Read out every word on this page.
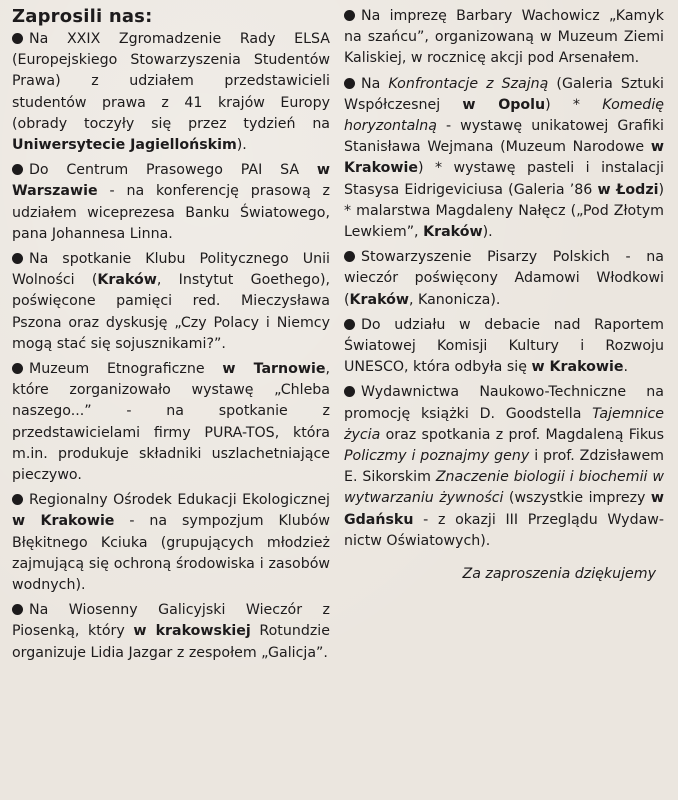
Zaprosili nas:

Na XXIX Zgromadzenie Rady ELSA (Europejskiego Stowarzyszenia Studentów Prawa) z udziałem przedstawicieli studentów prawa z 41 krajów Europy (obrady toczyły się przez tydzień na Uniwersytecie Jagiellońskim).

Do Centrum Prasowego PAI SA w Warszawie - na konferencję prasową z udziałem wiceprezesa Banku Światowego, pana Johannesa Linna.

Na spotkanie Klubu Politycznego Unii Wolności (Kraków, Instytut Goethego), poświęcone pamięci red. Mieczysława Pszona oraz dyskusję „Czy Polacy i Niemcy mogą stać się sojusznikami?”.

Muzeum Etnograficzne w Tarnowie, które zorganizowało wystawę „Chleba naszego...” - na spotkanie z przedstawicielami firmy PURA-TOS, która m.in. produkuje składniki uszlachetniające pieczywo.

Regionalny Ośrodek Edukacji Ekologicznej w Krakowie - na sympozjum Klubów Błękitnego Kciuka (grupujących młodzież zajmującą się ochroną środowiska i zasobów wodnych).

Na Wiosenny Galicyjski Wieczór z Piosenką, który w krakowskiej Rotundzie organizuje Lidia Jazgar z zespołem „Galicja”.

Na imprezę Barbary Wachowicz „Kamyk na szańcu”, organizowaną w Muzeum Ziemi Kaliskiej, w rocznicę akcji pod Arsenałem.

Na Konfrontacje z Szajną (Galeria Sztuki Współczesnej w Opolu) * Komedię horyzontalną - wystawę unikatowej Grafiki Stanisława Wejmana (Muzeum Narodowe w Krakowie) * wystawę pasteli i instalacji Stasysa Eidrigeviciusa (Galeria ’86 w Łodzi) * malarstwa Magdaleny Nałęcz („Pod Złotym Lewkiem”, Kraków).

Stowarzyszenie Pisarzy Polskich - na wieczór poświęcony Adamowi Włodkowi (Kraków, Kanonicza).

Do udziału w debacie nad Raportem Światowej Komisji Kultury i Rozwoju UNESCO, która odbyła się w Krakowie.

Wydawnictwa Naukowo-Techniczne na promocję książki D. Goodstella Tajemnice życia oraz spotkania z prof. Magdaleną Fikus Policzmy i poznajmy geny i prof. Zdzisławem E. Sikorskim Znaczenie biologii i biochemii w wytwarzaniu żywności (wszystkie imprezy w Gdańsku - z okazji III Przeglądu Wydawnictw Oświatowych).

Za zaproszenia dziękujemy
